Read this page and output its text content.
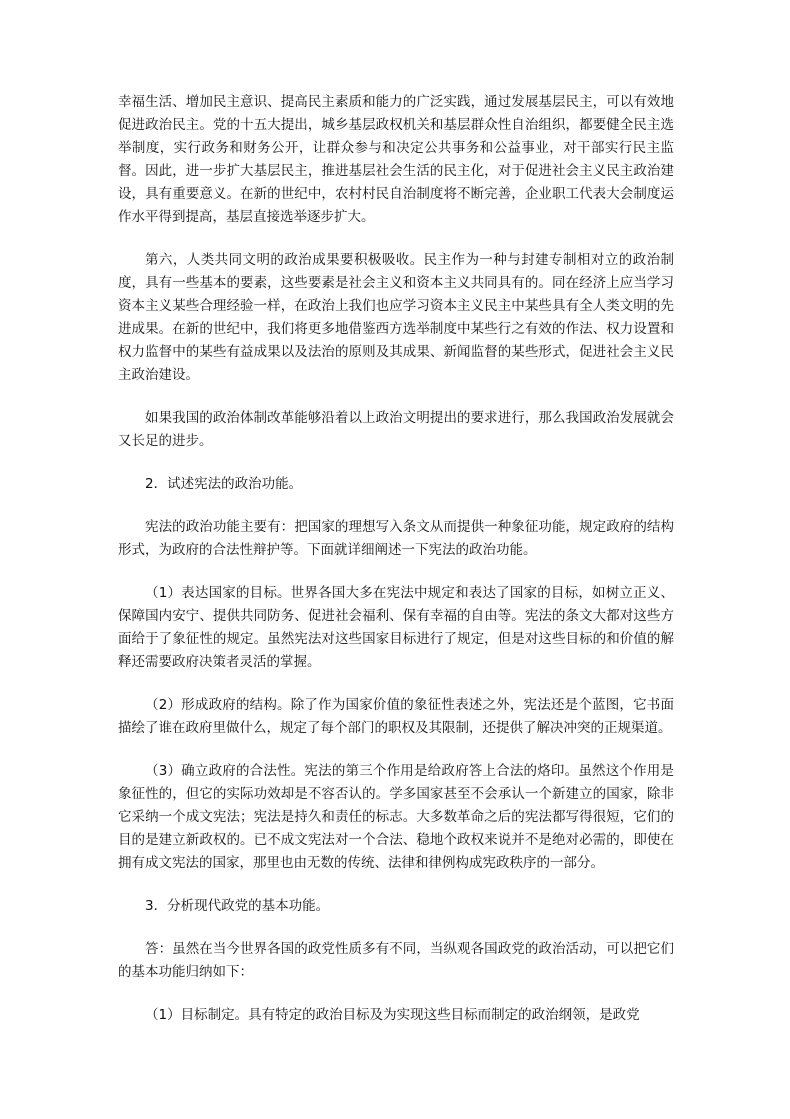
幸福生活、增加民主意识、提高民主素质和能力的广泛实践，通过发展基层民主，可以有效地促进政治民主。党的十五大提出，城乡基层政权机关和基层群众性自治组织，都要健全民主选举制度，实行政务和财务公开，让群众参与和决定公共事务和公益事业，对干部实行民主监督。因此，进一步扩大基层民主，推进基层社会生活的民主化，对于促进社会主义民主政治建设，具有重要意义。在新的世纪中，农村村民自治制度将不断完善，企业职工代表大会制度运作水平得到提高，基层直接选举逐步扩大。

第六，人类共同文明的政治成果要积极吸收。民主作为一种与封建专制相对立的政治制度，具有一些基本的要素，这些要素是社会主义和资本主义共同具有的。同在经济上应当学习资本主义某些合理经验一样，在政治上我们也应学习资本主义民主中某些具有全人类文明的先进成果。在新的世纪中，我们将更多地借鉴西方选举制度中某些行之有效的作法、权力设置和权力监督中的某些有益成果以及法治的原则及其成果、新闻监督的某些形式，促进社会主义民主政治建设。

如果我国的政治体制改革能够沿着以上政治文明提出的要求进行，那么我国政治发展就会又长足的进步。

2．试述宪法的政治功能。

宪法的政治功能主要有：把国家的理想写入条文从而提供一种象征功能，规定政府的结构形式，为政府的合法性辩护等。下面就详细阐述一下宪法的政治功能。

（1）表达国家的目标。世界各国大多在宪法中规定和表达了国家的目标，如树立正义、保障国内安宁、提供共同防务、促进社会福利、保有幸福的自由等。宪法的条文大都对这些方面给于了象征性的规定。虽然宪法对这些国家目标进行了规定，但是对这些目标的和价值的解释还需要政府决策者灵活的掌握。

（2）形成政府的结构。除了作为国家价值的象征性表述之外，宪法还是个蓝图，它书面描绘了谁在政府里做什么，规定了每个部门的职权及其限制，还提供了解决冲突的正规渠道。

（3）确立政府的合法性。宪法的第三个作用是给政府答上合法的烙印。虽然这个作用是象征性的，但它的实际功效却是不容否认的。学多国家甚至不会承认一个新建立的国家，除非它采纳一个成文宪法；宪法是持久和责任的标志。大多数革命之后的宪法都写得很短，它们的目的是建立新政权的。已不成文宪法对一个合法、稳地个政权来说并不是绝对必需的，即使在拥有成文宪法的国家，那里也由无数的传统、法律和律例构成宪政秩序的一部分。

3．分析现代政党的基本功能。

答：虽然在当今世界各国的政党性质多有不同，当纵观各国政党的政治活动，可以把它们的基本功能归纳如下：

（1）目标制定。具有特定的政治目标及为实现这些目标而制定的政治纲领，是政党
